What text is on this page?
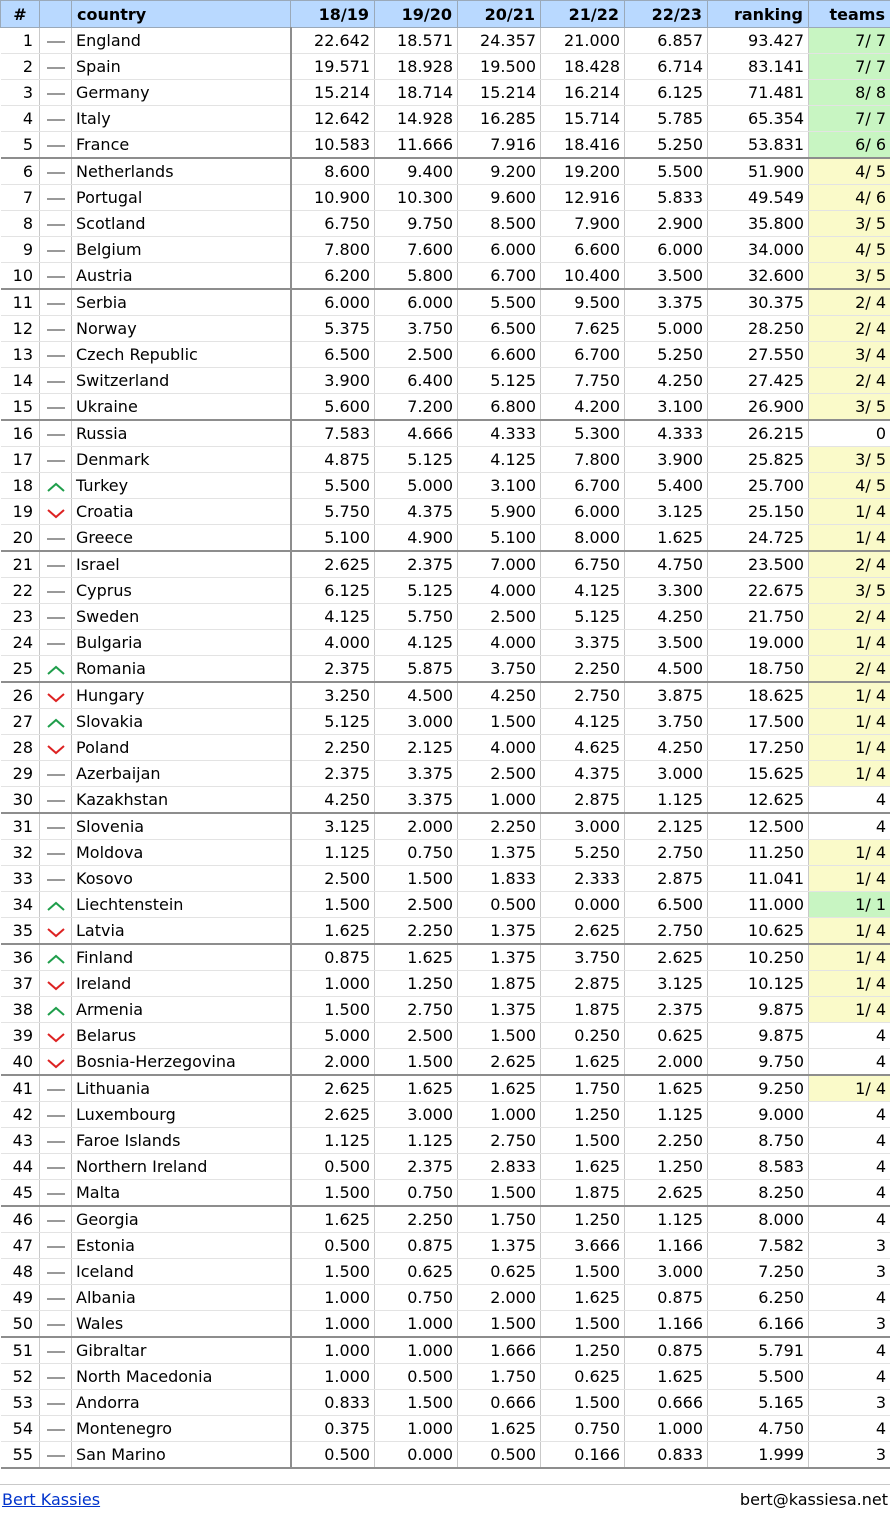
#		country	18/19	19/20	20/21	21/22	22/23	ranking	teams
1		England	22.642	18.571	24.357	21.000	6.857	93.427	7/ 7
2		Spain	19.571	18.928	19.500	18.428	6.714	83.141	7/ 7
3		Germany	15.214	18.714	15.214	16.214	6.125	71.481	8/ 8
4		Italy	12.642	14.928	16.285	15.714	5.785	65.354	7/ 7
5		France	10.583	11.666	7.916	18.416	5.250	53.831	6/ 6
6		Netherlands	8.600	9.400	9.200	19.200	5.500	51.900	4/ 5
7		Portugal	10.900	10.300	9.600	12.916	5.833	49.549	4/ 6
8		Scotland	6.750	9.750	8.500	7.900	2.900	35.800	3/ 5
9		Belgium	7.800	7.600	6.000	6.600	6.000	34.000	4/ 5
10		Austria	6.200	5.800	6.700	10.400	3.500	32.600	3/ 5
11		Serbia	6.000	6.000	5.500	9.500	3.375	30.375	2/ 4
12		Norway	5.375	3.750	6.500	7.625	5.000	28.250	2/ 4
13		Czech Republic	6.500	2.500	6.600	6.700	5.250	27.550	3/ 4
14		Switzerland	3.900	6.400	5.125	7.750	4.250	27.425	2/ 4
15		Ukraine	5.600	7.200	6.800	4.200	3.100	26.900	3/ 5
16		Russia	7.583	4.666	4.333	5.300	4.333	26.215	0
17		Denmark	4.875	5.125	4.125	7.800	3.900	25.825	3/ 5
18		Turkey	5.500	5.000	3.100	6.700	5.400	25.700	4/ 5
19		Croatia	5.750	4.375	5.900	6.000	3.125	25.150	1/ 4
20		Greece	5.100	4.900	5.100	8.000	1.625	24.725	1/ 4
21		Israel	2.625	2.375	7.000	6.750	4.750	23.500	2/ 4
22		Cyprus	6.125	5.125	4.000	4.125	3.300	22.675	3/ 5
23		Sweden	4.125	5.750	2.500	5.125	4.250	21.750	2/ 4
24		Bulgaria	4.000	4.125	4.000	3.375	3.500	19.000	1/ 4
25		Romania	2.375	5.875	3.750	2.250	4.500	18.750	2/ 4
26		Hungary	3.250	4.500	4.250	2.750	3.875	18.625	1/ 4
27		Slovakia	5.125	3.000	1.500	4.125	3.750	17.500	1/ 4
28		Poland	2.250	2.125	4.000	4.625	4.250	17.250	1/ 4
29		Azerbaijan	2.375	3.375	2.500	4.375	3.000	15.625	1/ 4
30		Kazakhstan	4.250	3.375	1.000	2.875	1.125	12.625	4
31		Slovenia	3.125	2.000	2.250	3.000	2.125	12.500	4
32		Moldova	1.125	0.750	1.375	5.250	2.750	11.250	1/ 4
33		Kosovo	2.500	1.500	1.833	2.333	2.875	11.041	1/ 4
34		Liechtenstein	1.500	2.500	0.500	0.000	6.500	11.000	1/ 1
35		Latvia	1.625	2.250	1.375	2.625	2.750	10.625	1/ 4
36		Finland	0.875	1.625	1.375	3.750	2.625	10.250	1/ 4
37		Ireland	1.000	1.250	1.875	2.875	3.125	10.125	1/ 4
38		Armenia	1.500	2.750	1.375	1.875	2.375	9.875	1/ 4
39		Belarus	5.000	2.500	1.500	0.250	0.625	9.875	4
40		Bosnia-Herzegovina	2.000	1.500	2.625	1.625	2.000	9.750	4
41		Lithuania	2.625	1.625	1.625	1.750	1.625	9.250	1/ 4
42		Luxembourg	2.625	3.000	1.000	1.250	1.125	9.000	4
43		Faroe Islands	1.125	1.125	2.750	1.500	2.250	8.750	4
44		Northern Ireland	0.500	2.375	2.833	1.625	1.250	8.583	4
45		Malta	1.500	0.750	1.500	1.875	2.625	8.250	4
46		Georgia	1.625	2.250	1.750	1.250	1.125	8.000	4
47		Estonia	0.500	0.875	1.375	3.666	1.166	7.582	3
48		Iceland	1.500	0.625	0.625	1.500	3.000	7.250	3
49		Albania	1.000	0.750	2.000	1.625	0.875	6.250	4
50		Wales	1.000	1.000	1.500	1.500	1.166	6.166	3
51		Gibraltar	1.000	1.000	1.666	1.250	0.875	5.791	4
52		North Macedonia	1.000	0.500	1.750	0.625	1.625	5.500	4
53		Andorra	0.833	1.500	0.666	1.500	0.666	5.165	3
54		Montenegro	0.375	1.000	1.625	0.750	1.000	4.750	4
55		San Marino	0.500	0.000	0.500	0.166	0.833	1.999	3
Bert Kassies	bert@kassiesa.net
